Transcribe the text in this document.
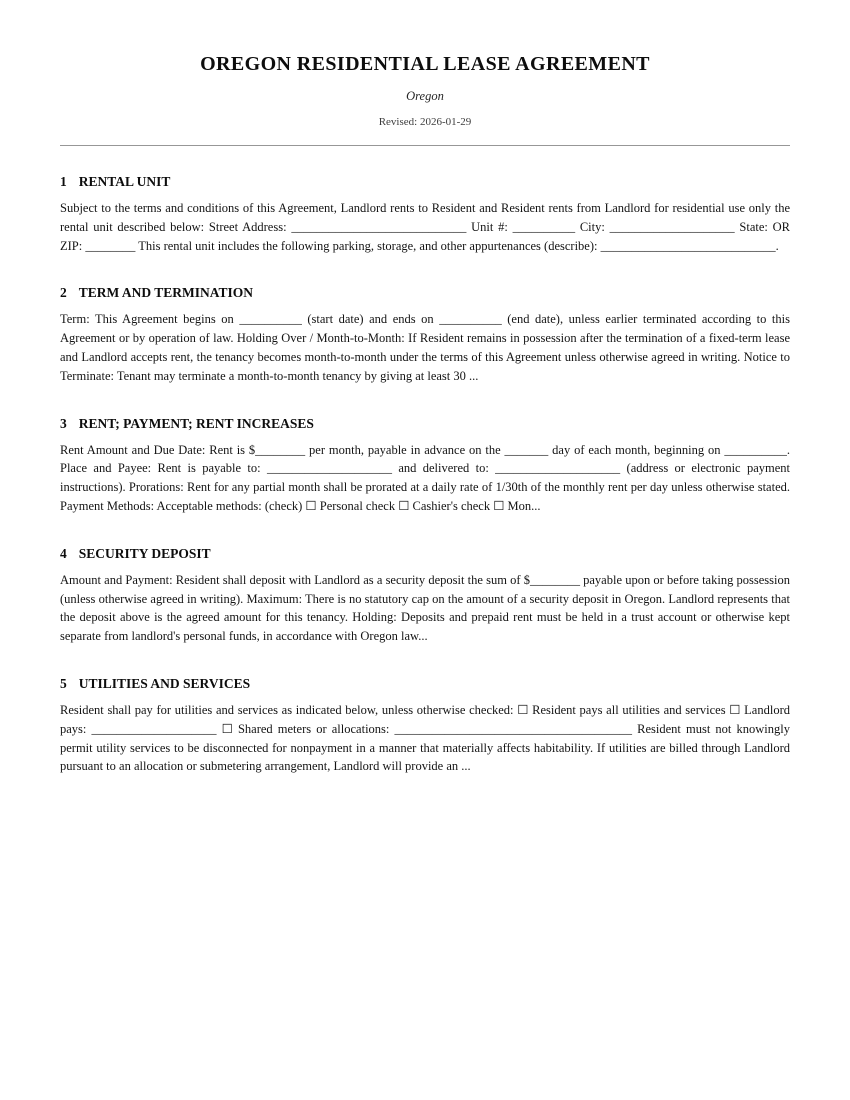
OREGON RESIDENTIAL LEASE AGREEMENT
Oregon
Revised: 2026-01-29
1 RENTAL UNIT

Subject to the terms and conditions of this Agreement, Landlord rents to Resident and Resident rents from Landlord for residential use only the rental unit described below: Street Address: ____________________________ Unit #: __________ City: ____________________ State: OR ZIP: ________ This rental unit includes the following parking, storage, and other appurtenances (describe): ____________________________.

2 TERM AND TERMINATION

Term: This Agreement begins on __________ (start date) and ends on __________ (end date), unless earlier terminated according to this Agreement or by operation of law. Holding Over / Month-to-Month: If Resident remains in possession after the termination of a fixed-term lease and Landlord accepts rent, the tenancy becomes month-to-month under the terms of this Agreement unless otherwise agreed in writing. Notice to Terminate: Tenant may terminate a month-to-month tenancy by giving at least 30 ...

3 RENT; PAYMENT; RENT INCREASES

Rent Amount and Due Date: Rent is $________ per month, payable in advance on the _______ day of each month, beginning on __________. Place and Payee: Rent is payable to: ____________________ and delivered to: ____________________ (address or electronic payment instructions). Prorations: Rent for any partial month shall be prorated at a daily rate of 1/30th of the monthly rent per day unless otherwise stated. Payment Methods: Acceptable methods: (check) ☐ Personal check ☐ Cashier's check ☐ Mon...

4 SECURITY DEPOSIT

Amount and Payment: Resident shall deposit with Landlord as a security deposit the sum of $________ payable upon or before taking possession (unless otherwise agreed in writing). Maximum: There is no statutory cap on the amount of a security deposit in Oregon. Landlord represents that the deposit above is the agreed amount for this tenancy. Holding: Deposits and prepaid rent must be held in a trust account or otherwise kept separate from landlord's personal funds, in accordance with Oregon law...

5 UTILITIES AND SERVICES

Resident shall pay for utilities and services as indicated below, unless otherwise checked: ☐ Resident pays all utilities and services ☐ Landlord pays: ____________________ ☐ Shared meters or allocations: ______________________________________ Resident must not knowingly permit utility services to be disconnected for nonpayment in a manner that materially affects habitability. If utilities are billed through Landlord pursuant to an allocation or submetering arrangement, Landlord will provide an ...
